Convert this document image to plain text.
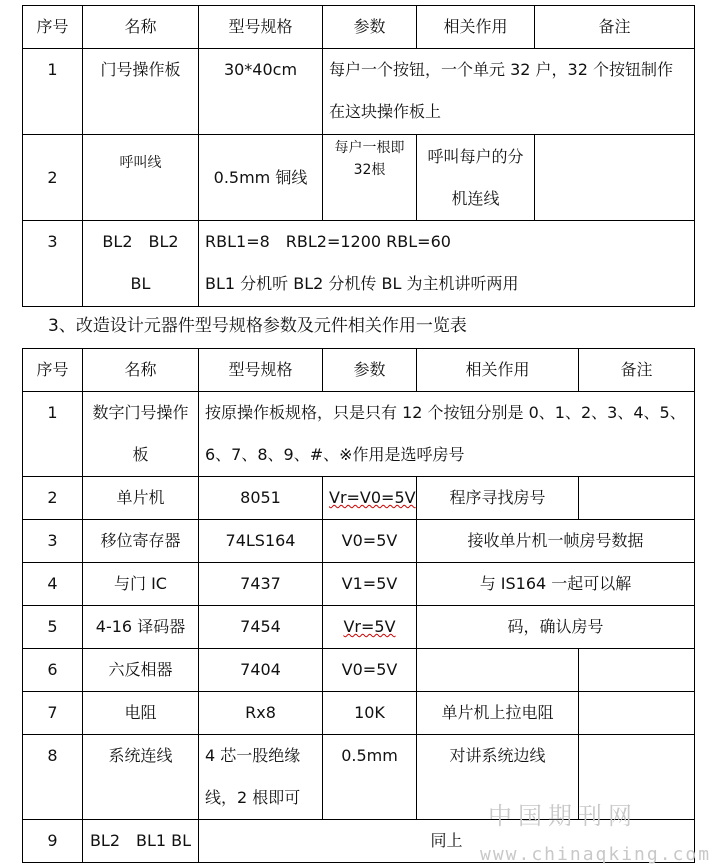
序号	名称	型号规格	参数	相关作用	备注
1	门号操作板	30*40cm	每户一个按钮，一个单元 32 户，32 个按钮制作在这块操作板上		
2	呼叫线	0.5mm 铜线	每户一根即32根	呼叫每户的分机连线	

3	BL2　BL2　BL	RBL1=8　RBL2=1200 RBL=60
BL1 分机听 BL2 分机传 BL 为主机讲听两用			
3、改造设计元器件型号规格参数及元件相关作用一览表
序号	名称	型号规格	参数	相关作用	备注
1	数字门号操作板	按原操作板规格，只是只有 12 个按钮分别是 0、1、2、3、4、5、6、7、8、9、#、※作用是选呼房号			
2	单片机	8051	Vr=V0=5V	程序寻找房号	
3	移位寄存器	74LS164	V0=5V	接收单片机一帧房号数据	
4	与门 IC	7437	V1=5V	与 IS164 一起可以解	
5	4-16 译码器	7454	Vr=5V	码，确认房号	
6	六反相器	7404	V0=5V		
7	电阻	Rx8	10K	单片机上拉电阻	
8	系统连线	4 芯一股绝缘线，2 根即可	0.5mm	对讲系统边线	
9	BL2　BL1 BL	同上			
中国期刊网
www.chinaqking.com
